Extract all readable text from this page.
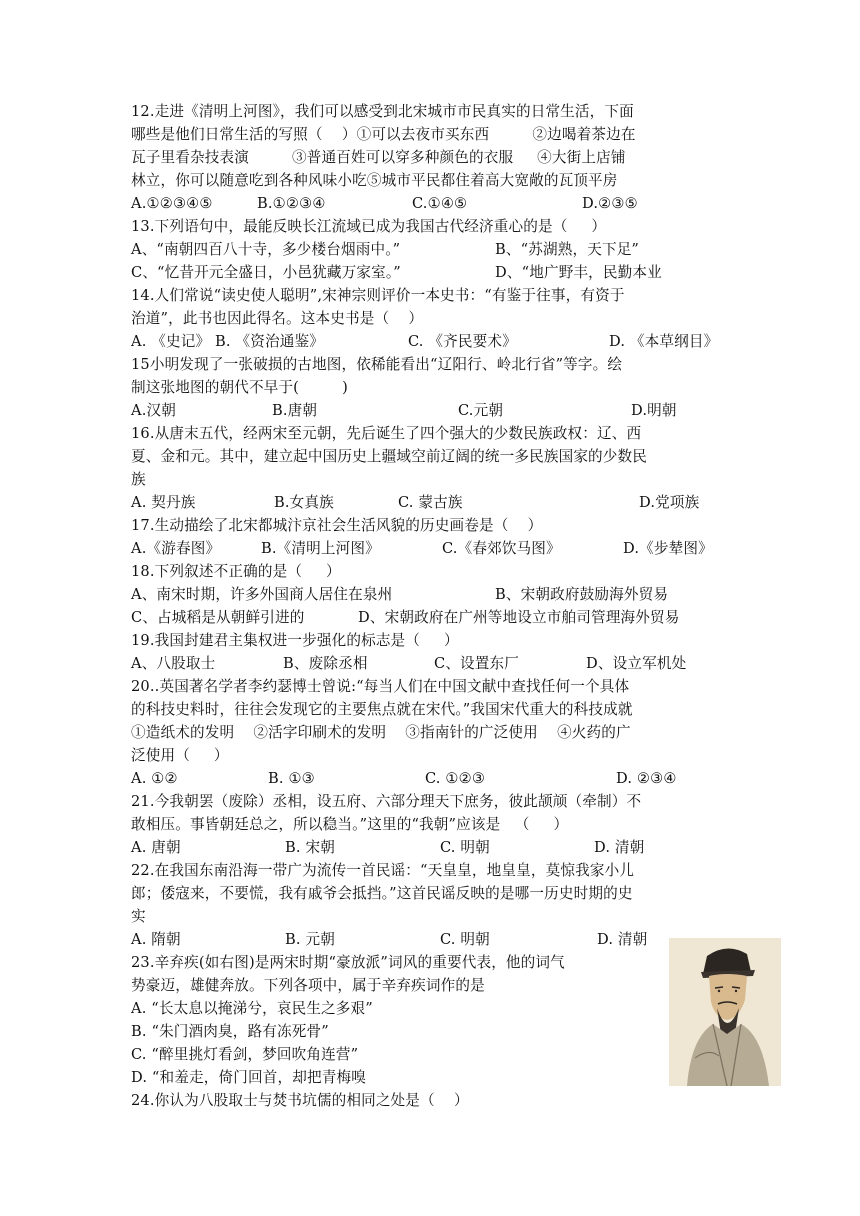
12.走进《清明上河图》，我们可以感受到北宋城市市民真实的日常生活，下面
哪些是他们日常生活的写照（    ）①可以去夜市买东西         ②边喝着茶边在
瓦子里看杂技表演         ③普通百姓可以穿多种颜色的衣服     ④大街上店铺
林立，你可以随意吃到各种风味小吃⑤城市平民都住着高大宽敞的瓦顶平房

A.①②③④⑤

	B.①②③④

	C.①④⑤

	D.②③⑤

13.下列语句中，最能反映长江流域已成为我国古代经济重心的是（     ）

A、“南朝四百八十寺，多少楼台烟雨中。”

	B、“苏湖熟，天下足”

C、“忆昔开元全盛日，小邑犹藏万家室。”

	D、“地广野丰，民勤本业

14.人们常说“读史使人聪明”,宋神宗则评价一本史书：“有鉴于往事，有资于
治道”，此书也因此得名。这本史书是（    ）

A. 《史记》 B. 《资治通鉴》

	C. 《齐民要术》

	D. 《本草纲目》

15小明发现了一张破损的古地图，依稀能看出“辽阳行、岭北行省”等字。绘
制这张地图的朝代不早于(         )

A.汉朝

	B.唐朝

	C.元朝

	D.明朝

16.从唐末五代，经两宋至元朝，先后诞生了四个强大的少数民族政权：辽、西
夏、金和元。其中，建立起中国历史上疆域空前辽阔的统一多民族国家的少数民
族

A. 契丹族

	B.女真族

	C. 蒙古族

	D.党项族

17.生动描绘了北宋都城汴京社会生活风貌的历史画卷是（    ）

A.《游春图》

	B.《清明上河图》

	C.《春郊饮马图》

	D.《步辇图》

18.下列叙述不正确的是（     ）

A、南宋时期，许多外国商人居住在泉州

	B、宋朝政府鼓励海外贸易

C、占城稻是从朝鲜引进的

	D、宋朝政府在广州等地设立市舶司管理海外贸易

19.我国封建君主集权进一步强化的标志是（     ）

A、八股取士

	B、废除丞相

	C、设置东厂

	D、设立军机处

20..英国著名学者李约瑟博士曾说:“每当人们在中国文献中查找任何一个具体
的科技史料时，往往会发现它的主要焦点就在宋代。”我国宋代重大的科技成就
①造纸术的发明    ②活字印刷术的发明    ③指南针的广泛使用    ④火药的广
泛使用（     ）

A. ①②

	B. ①③

	C. ①②③

	D. ②③④

21.今我朝罢（废除）丞相，设五府、六部分理天下庶务，彼此颉颃（牵制）不
敢相压。事皆朝廷总之，所以稳当。”这里的“我朝”应该是   （     ）

A. 唐朝

	B. 宋朝

	C. 明朝

	D. 清朝

22.在我国东南沿海一带广为流传一首民谣：“天皇皇，地皇皇，莫惊我家小儿
郎；倭寇来，不要慌，我有戚爷会抵挡。”这首民谣反映的是哪一历史时期的史
实

A. 隋朝

	B. 元朝

	C. 明朝

	D. 清朝

23.辛弃疾(如右图)是两宋时期“豪放派”词风的重要代表，他的词气
势豪迈，雄健奔放。下列各项中，属于辛弃疾词作的是
A. “长太息以掩涕兮，哀民生之多艰”
B. “朱门酒肉臭，路有冻死骨”
C. “醉里挑灯看剑，梦回吹角连营”
D. “和羞走，倚门回首，却把青梅嗅
24.你认为八股取士与焚书坑儒的相同之处是（    ）
